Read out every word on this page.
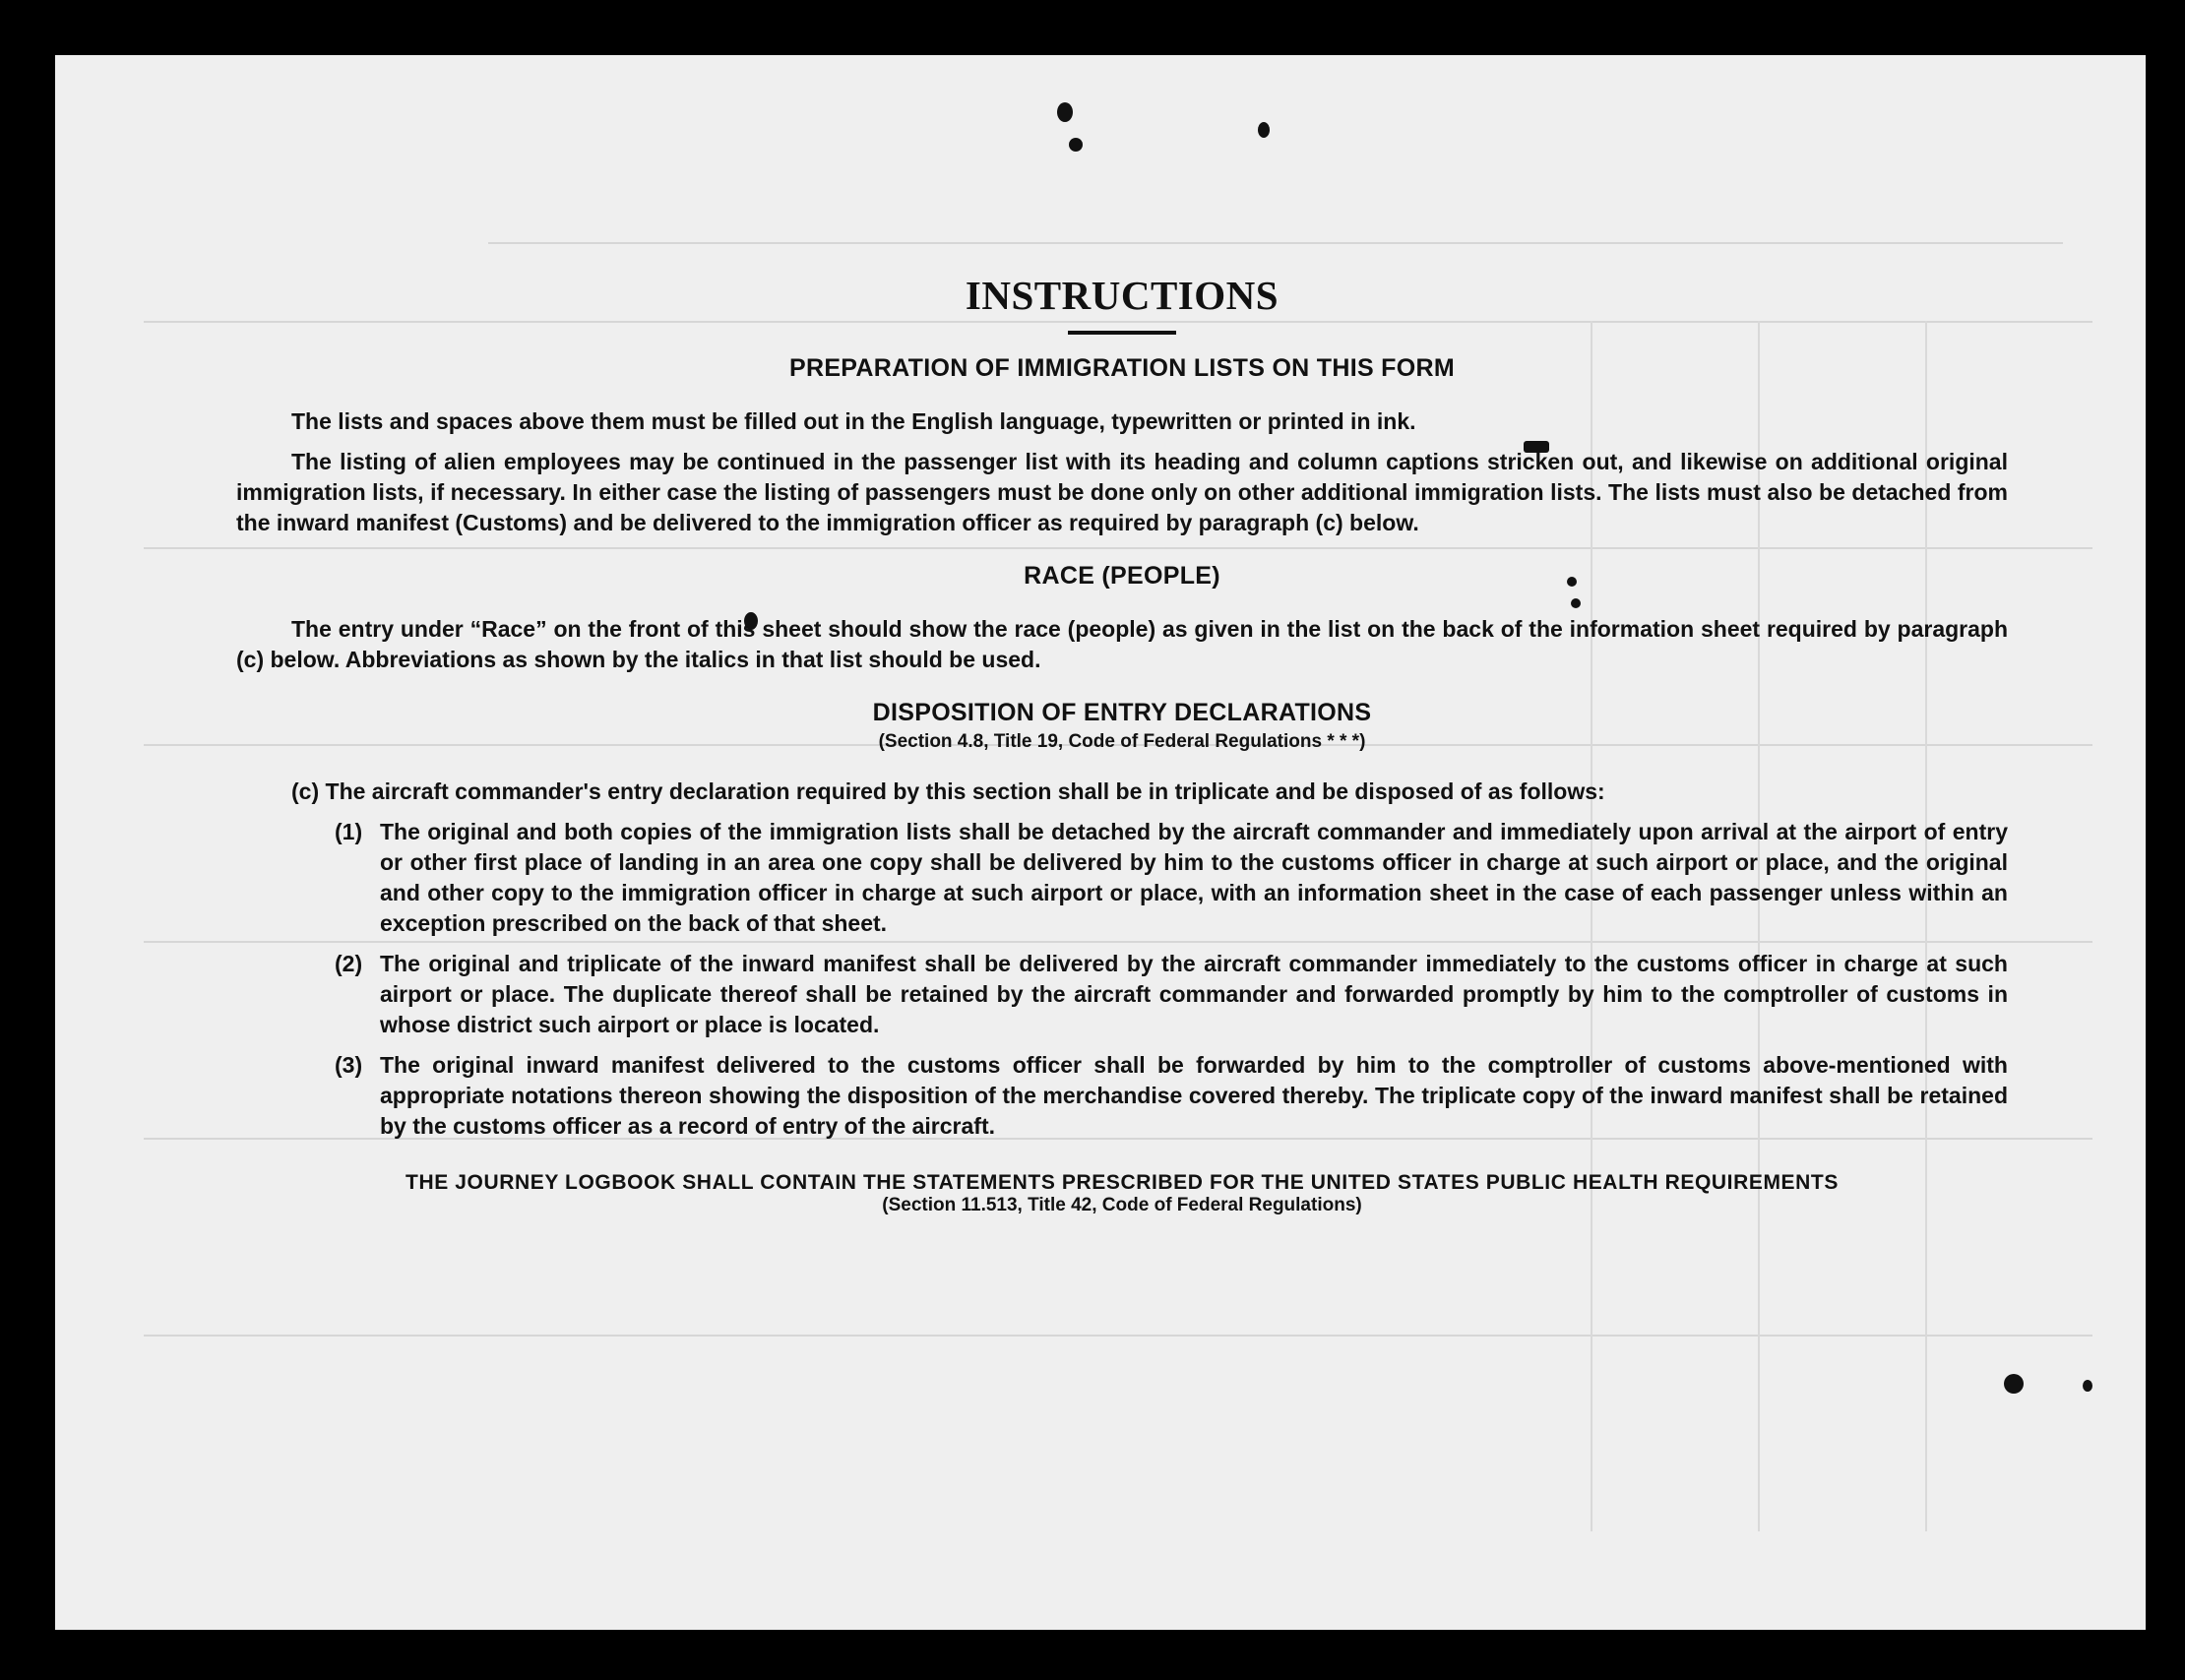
INSTRUCTIONS
PREPARATION OF IMMIGRATION LISTS ON THIS FORM

The lists and spaces above them must be filled out in the English language, typewritten or printed in ink.

The listing of alien employees may be continued in the passenger list with its heading and column captions stricken out, and likewise on additional original immigration lists, if necessary. In either case the listing of passengers must be done only on other additional immigration lists. The lists must also be detached from the inward manifest (Customs) and be delivered to the immigration officer as required by paragraph (c) below.

RACE (PEOPLE)

The entry under “Race” on the front of this sheet should show the race (people) as given in the list on the back of the information sheet required by paragraph (c) below. Abbreviations as shown by the italics in that list should be used.

DISPOSITION OF ENTRY DECLARATIONS
(Section 4.8, Title 19, Code of Federal Regulations * * *)

(c) The aircraft commander's entry declaration required by this section shall be in triplicate and be disposed of as follows:

(1) The original and both copies of the immigration lists shall be detached by the aircraft commander and immediately upon arrival at the airport of entry or other first place of landing in an area one copy shall be delivered by him to the customs officer in charge at such airport or place, and the original and other copy to the immigration officer in charge at such airport or place, with an information sheet in the case of each passenger unless within an exception prescribed on the back of that sheet.
(2) The original and triplicate of the inward manifest shall be delivered by the aircraft commander immediately to the customs officer in charge at such airport or place. The duplicate thereof shall be retained by the aircraft commander and forwarded promptly by him to the comptroller of customs in whose district such airport or place is located.
(3) The original inward manifest delivered to the customs officer shall be forwarded by him to the comptroller of customs above-mentioned with appropriate notations thereon showing the disposition of the merchandise covered thereby. The triplicate copy of the inward manifest shall be retained by the customs officer as a record of entry of the aircraft.
THE JOURNEY LOGBOOK SHALL CONTAIN THE STATEMENTS PRESCRIBED FOR THE UNITED STATES PUBLIC HEALTH REQUIREMENTS
(Section 11.513, Title 42, Code of Federal Regulations)
